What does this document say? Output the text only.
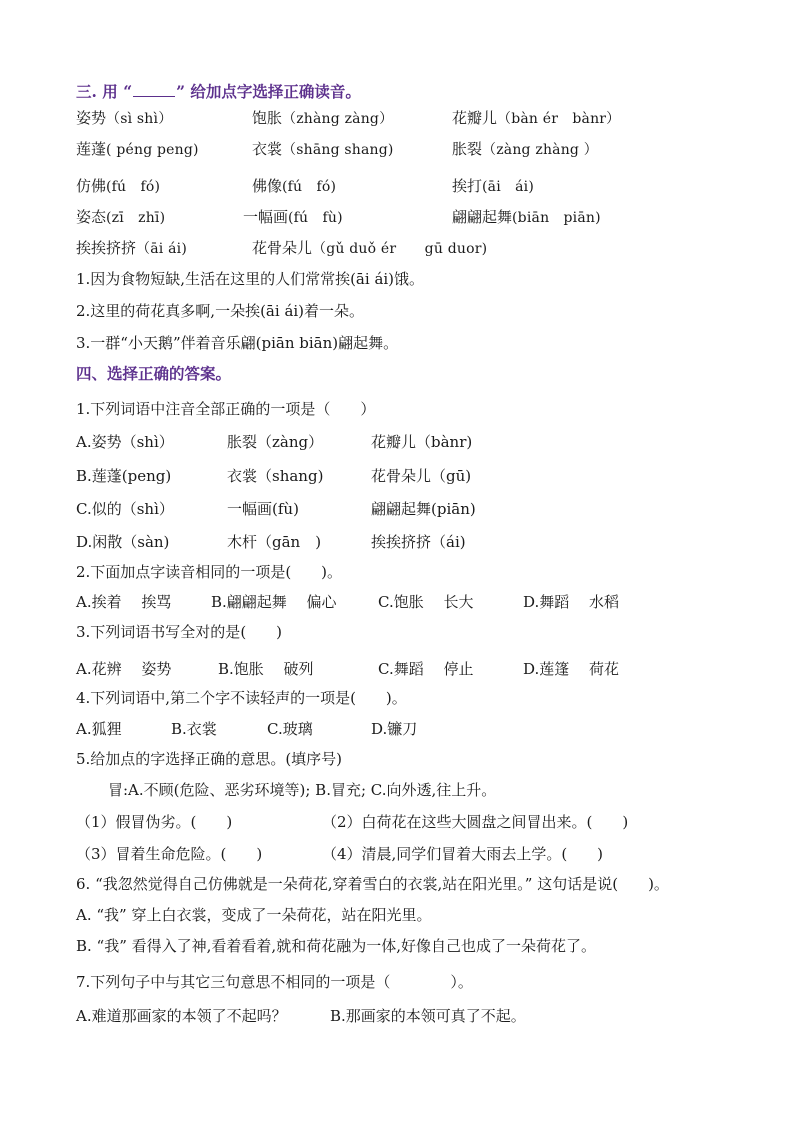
三. 用 “	” 给加点字选择正确读音。
姿势（sì shì）	饱胀（zhàng zàng）	花瓣儿（bàn ér　bànr）
莲蓬( péng peng)	衣裳（shāng shang)	胀裂（zàng zhàng ）
仿佛(fú　fó)	佛像(fú　fó)	挨打(āi　ái)
姿态(zī　zhī)	一幅画(fú　fù)	翩翩起舞(biān　piān)
挨挨挤挤（āi ái)	花骨朵儿（gǔ duǒ ér　　gū duor)
1.因为食物短缺,生活在这里的人们常常挨(āi ái)饿。
2.这里的荷花真多啊,一朵挨(āi ái)着一朵。
3.一群“小天鹅”伴着音乐翩(piān biān)翩起舞。
四、选择正确的答案。
1.下列词语中注音全部正确的一项是（　　）
A.姿势（shì）	胀裂（zàng）	花瓣儿（bànr)
B.莲蓬(peng)	衣裳（shang)	花骨朵儿（gū)
C.似的（shì）	一幅画(fù)	翩翩起舞(piān)
D.闲散（sàn)	木杆（gān　)	挨挨挤挤（ái)
2.下面加点字读音相同的一项是(　　)。
A.挨着　 挨骂	B.翩翩起舞　 偏心	C.饱胀　 长大	D.舞蹈　 水稻
3.下列词语书写全对的是(　　)
A.花辨　 姿势	B.饱胀　 破列	C.舞蹈　 停止	D.莲篷　 荷花
4.下列词语中,第二个字不读轻声的一项是(　　)。
A.狐狸	B.衣裳	C.玻璃	D.镰刀
5.给加点的字选择正确的意思。(填序号)
冒:A.不顾(危险、恶劣环境等); B.冒充; C.向外透,往上升。
（1）假冒伪劣。(　　)	（2）白荷花在这些大圆盘之间冒出来。(　　)
（3）冒着生命危险。(　　)	（4）清晨,同学们冒着大雨去上学。(　　)
6. “我忽然觉得自己仿佛就是一朵荷花,穿着雪白的衣裳,站在阳光里。” 这句话是说(　　)。
A. “我” 穿上白衣裳，变成了一朵荷花，站在阳光里。
B. “我” 看得入了神,看着看着,就和荷花融为一体,好像自己也成了一朵荷花了。
7.下列句子中与其它三句意思不相同的一项是（　　　　）。
A.难道那画家的本领了不起吗？	B.那画家的本领可真了不起。
